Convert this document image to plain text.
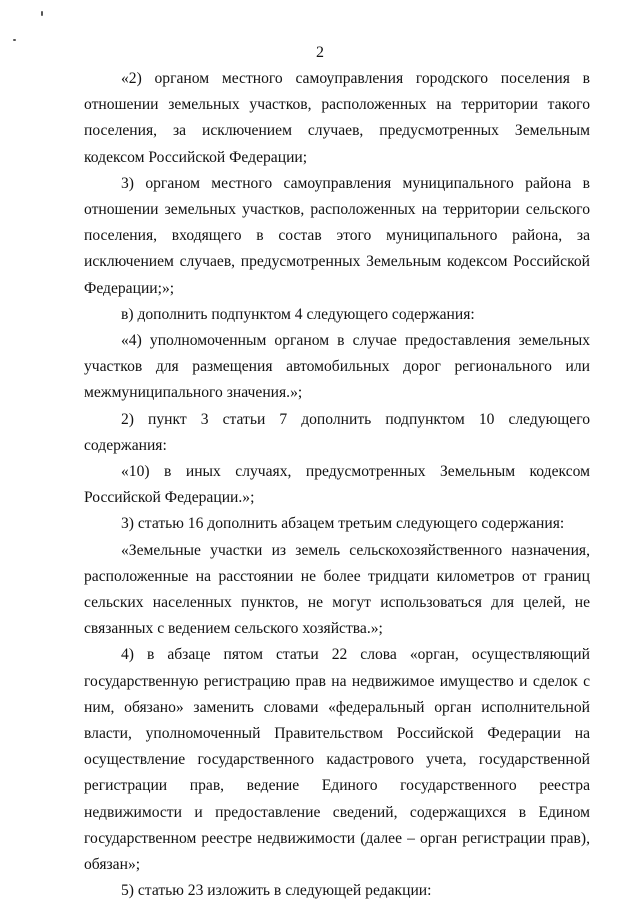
2

«2) органом местного самоуправления городского поселения в отношении земельных участков, расположенных на территории такого поселения, за исключением случаев, предусмотренных Земельным кодексом Российской Федерации;

3) органом местного самоуправления муниципального района в отношении земельных участков, расположенных на территории сельского поселения, входящего в состав этого муниципального района, за исключением случаев, предусмотренных Земельным кодексом Российской Федерации;»;

в) дополнить подпунктом 4 следующего содержания:

«4) уполномоченным органом в случае предоставления земельных участков для размещения автомобильных дорог регионального или межмуниципального значения.»;

2) пункт 3 статьи 7 дополнить подпунктом 10 следующего содержания:

«10) в иных случаях, предусмотренных Земельным кодексом Российской Федерации.»;

3) статью 16 дополнить абзацем третьим следующего содержания:

«Земельные участки из земель сельскохозяйственного назначения, расположенные на расстоянии не более тридцати километров от границ сельских населенных пунктов, не могут использоваться для целей, не связанных с ведением сельского хозяйства.»;

4) в абзаце пятом статьи 22 слова «орган, осуществляющий государственную регистрацию прав на недвижимое имущество и сделок с ним, обязано» заменить словами «федеральный орган исполнительной власти, уполномоченный Правительством Российской Федерации на осуществление государственного кадастрового учета, государственной регистрации прав, ведение Единого государственного реестра недвижимости и предоставление сведений, содержащихся в Едином государственном реестре недвижимости (далее – орган регистрации прав), обязан»;

5) статью 23 изложить в следующей редакции:
